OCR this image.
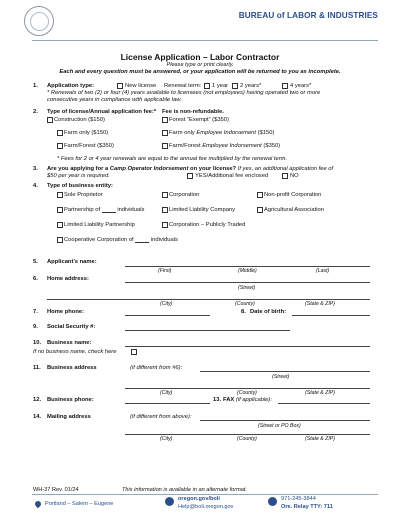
BUREAU of LABOR & INDUSTRIES
License Application – Labor Contractor
Please type or print clearly.
Each and every question must be answered, or your application will be returned to you as incomplete.
1. Application type:	New license Renewal term: 1 year 2 years*	4 years*
* Renewals of two (2) or four (4) years available to licensees (not employees) having operated two or more
consecutive years in compliance with applicable law.
2. Type of license/Annual application fee:* Fee is non-refundable.
Construction ($150)	Forest “Exempt” ($350)
Farm only ($150)	Farm only Employee Indorsement ($150)
Farm/Forest ($350)	Farm/Forest Employee Indorsement ($350)
* Fees for 2 or 4 year renewals are equal to the annual fee multiplied by the renewal term.
3. Are you applying for a Camp Operator Indorsement on your license? If yes, an additional application fee of
$50 per year is required.	YES/Additional fee enclosed	NO
4. Type of business entity:
Sole Proprietor	Corporation	Non-profit Corporation
Partnership of  individuals	Limited Liability Company	Agricultural Association
Limited Liability Partnership	Corporation – Publicly Traded
Cooperative Corporation of  individuals
5. Applicant’s name:
(First)	(Middle)	(Last)
6. Home address:
(Street)
(City)	(County)	(State & ZIP)
7. Home phone:	8. Date of birth:
9. Social Security #:
10. Business name:
If no business name, check here
11. Business address	(if different from #6):
(Street)
(City)	(County)	(State & ZIP)
12. Business phone:	13. FAX (if applicable):
14. Mailing address	(if different from above):
(Street or PO Box)
(City)	(County)	(State & ZIP)
WH-37 Rev. 01/24	This information is available in an alternate format.
Portland – Salem – Eugene
oregon.gov/boli
Help@boli.oregon.gov
971-245-3844
Ore. Relay TTY: 711
